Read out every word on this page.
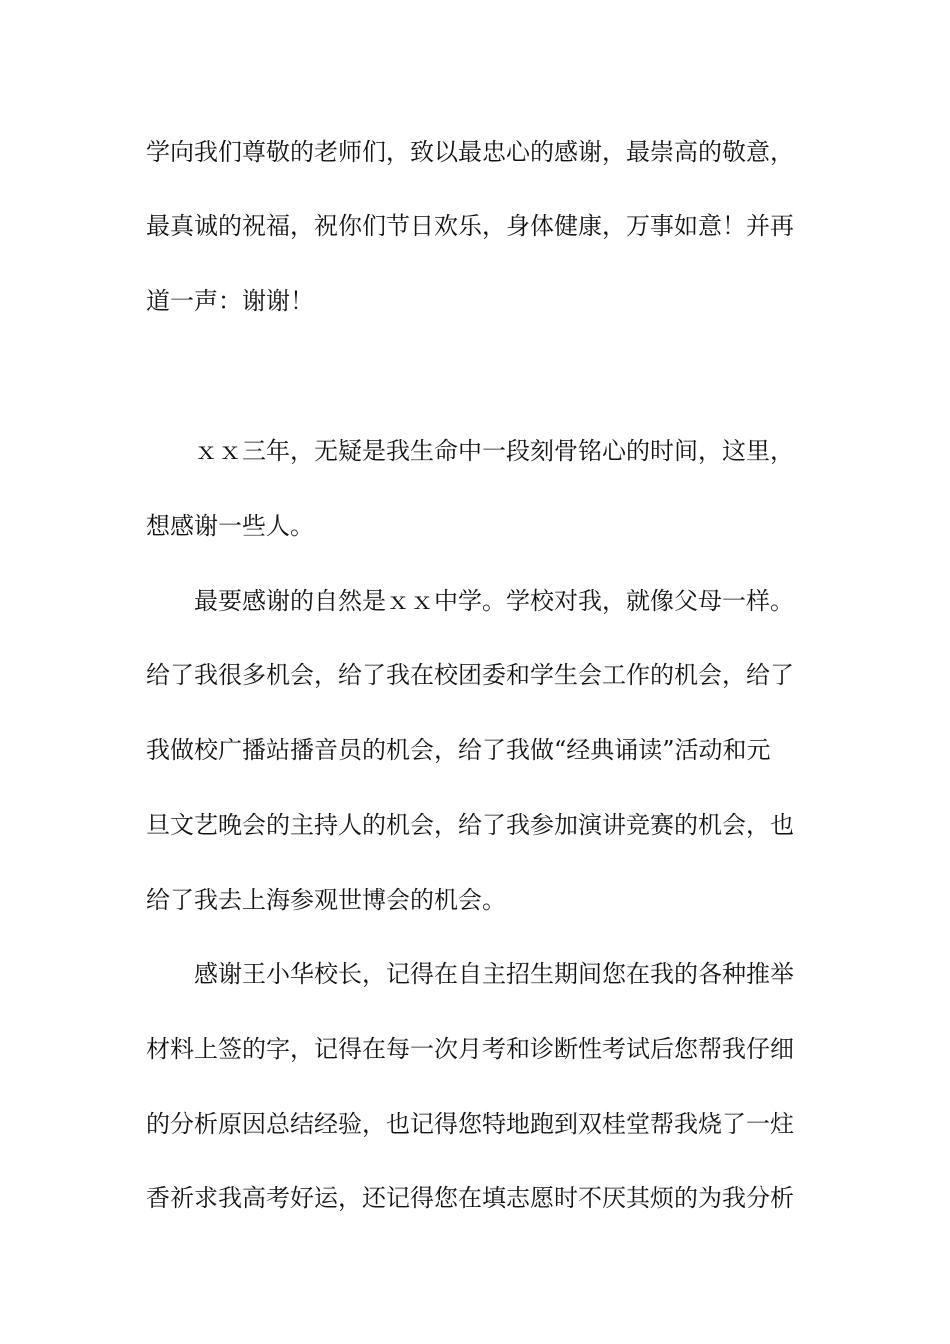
学向我们尊敬的老师们，致以最忠心的感谢，最崇高的敬意，
最真诚的祝福，祝你们节日欢乐，身体健康，万事如意！并再
道一声：谢谢！
ｘｘ三年，无疑是我生命中一段刻骨铭心的时间，这里，
想感谢一些人。
最要感谢的自然是ｘｘ中学。学校对我，就像父母一样。
给了我很多机会，给了我在校团委和学生会工作的机会，给了
我做校广播站播音员的机会，给了我做“经典诵读”活动和元
旦文艺晚会的主持人的机会，给了我参加演讲竞赛的机会，也
给了我去上海参观世博会的机会。
感谢王小华校长，记得在自主招生期间您在我的各种推举
材料上签的字，记得在每一次月考和诊断性考试后您帮我仔细
的分析原因总结经验，也记得您特地跑到双桂堂帮我烧了一炷
香祈求我高考好运，还记得您在填志愿时不厌其烦的为我分析
